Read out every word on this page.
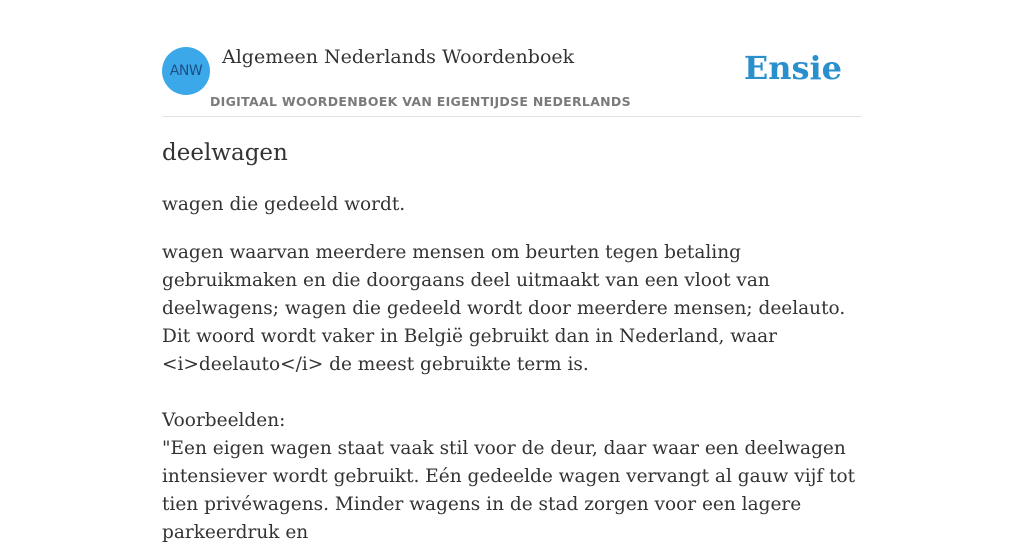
ANW
Algemeen Nederlands Woordenboek
DIGITAAL WOORDENBOEK VAN EIGENTIJDSE NEDERLANDS
Ensie
deelwagen

wagen die gedeeld wordt.

wagen waarvan meerdere mensen om beurten tegen betaling gebruikmaken en die doorgaans deel uitmaakt van een vloot van deelwagens; wagen die gedeeld wordt door meerdere mensen; deelauto.
Dit woord wordt vaker in België gebruikt dan in Nederland, waar <i>deelauto</i> de meest gebruikte term is.

Voorbeelden:
"Een eigen wagen staat vaak stil voor de deur, daar waar een deelwagen intensiever wordt gebruikt. Eén gedeelde wagen vervangt al gauw vijf tot tien privéwagens. Minder wagens in de stad zorgen voor een lagere parkeerdruk en
